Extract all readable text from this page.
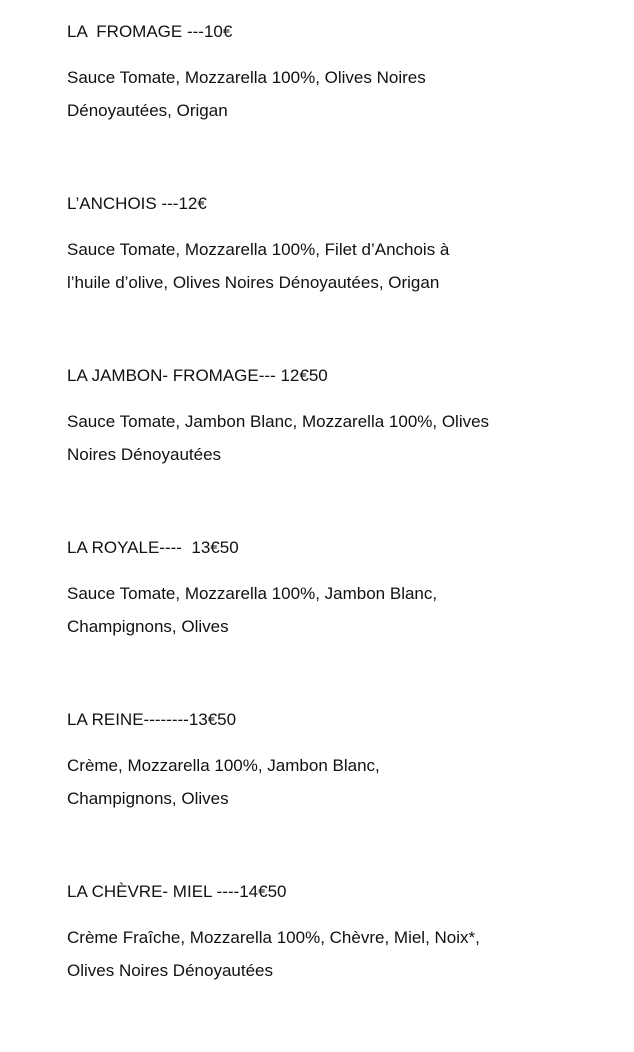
LA  FROMAGE ---10€
Sauce Tomate, Mozzarella 100%, Olives Noires
Dénoyautées, Origan
L’ANCHOIS ---12€
Sauce Tomate, Mozzarella 100%, Filet d’Anchois à
l’huile d’olive, Olives Noires Dénoyautées, Origan
LA JAMBON- FROMAGE--- 12€50
Sauce Tomate, Jambon Blanc, Mozzarella 100%, Olives
Noires Dénoyautées
LA ROYALE----  13€50
Sauce Tomate, Mozzarella 100%, Jambon Blanc,
Champignons, Olives
LA REINE--------13€50
Crème, Mozzarella 100%, Jambon Blanc,
Champignons, Olives
LA CHÈVRE- MIEL ----14€50
Crème Fraîche, Mozzarella 100%, Chèvre, Miel, Noix*,
Olives Noires Dénoyautées
